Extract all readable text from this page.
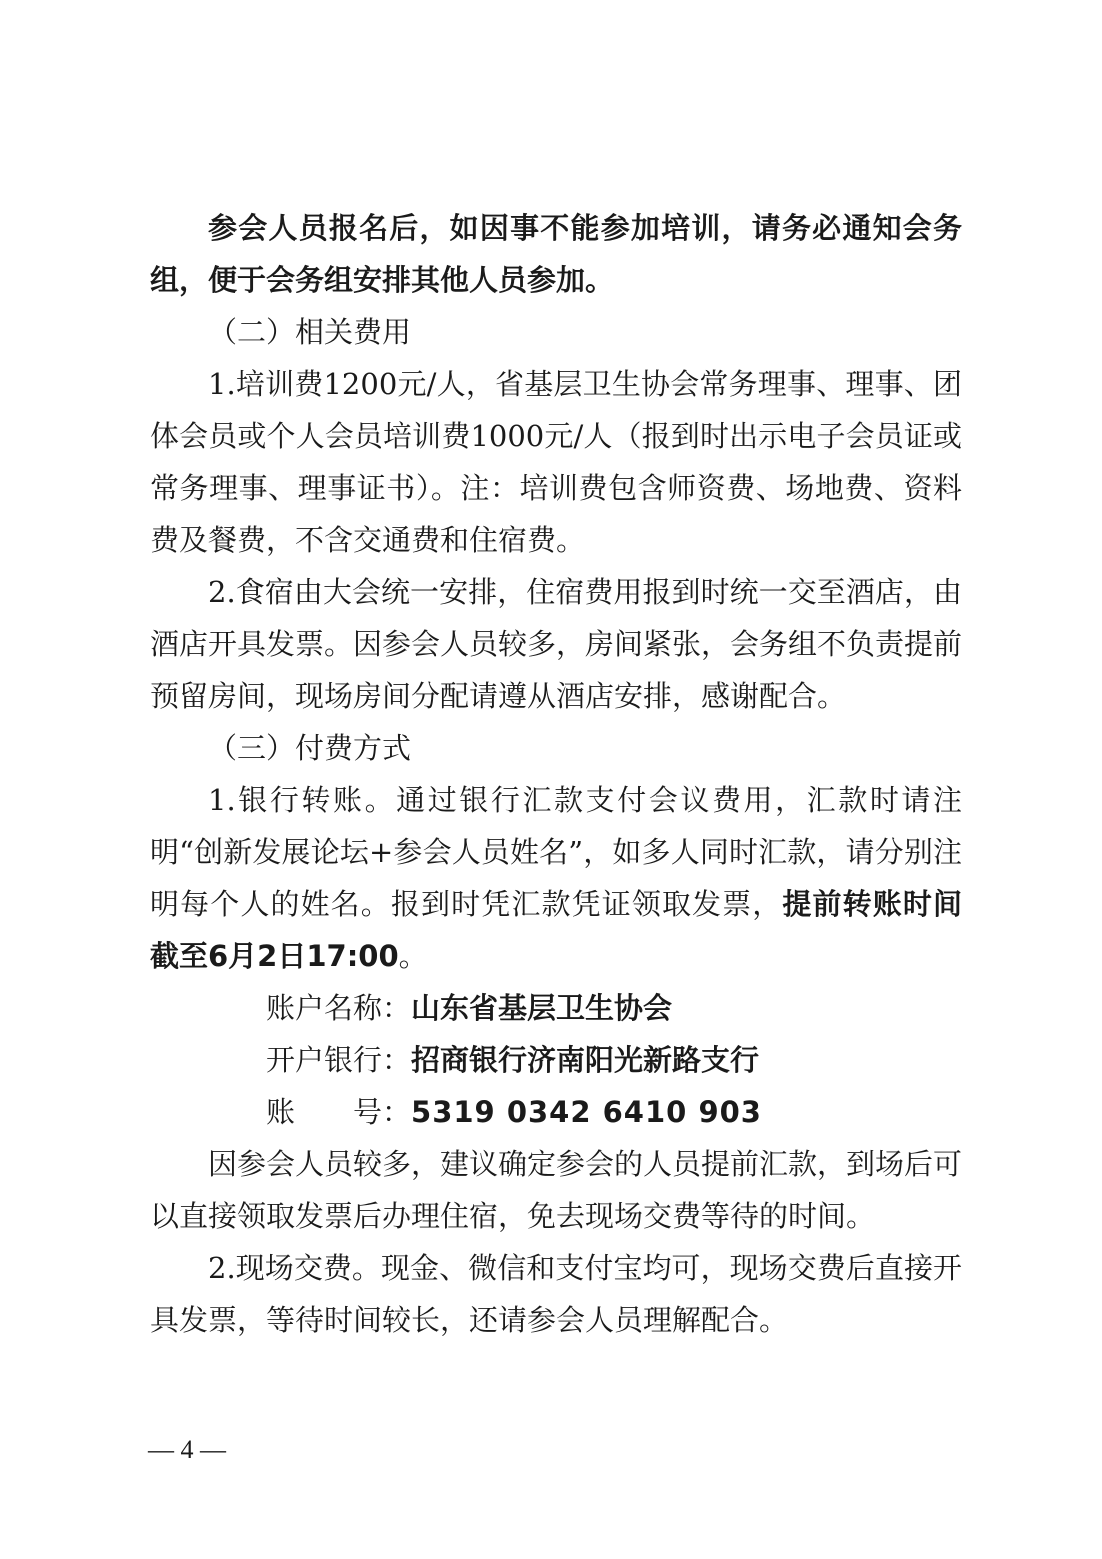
参会人员报名后，如因事不能参加培训，请务必通知会务组，便于会务组安排其他人员参加。

（二）相关费用

1.培训费1200元/人，省基层卫生协会常务理事、理事、团体会员或个人会员培训费1000元/人（报到时出示电子会员证或常务理事、理事证书）。注：培训费包含师资费、场地费、资料费及餐费，不含交通费和住宿费。

2.食宿由大会统一安排，住宿费用报到时统一交至酒店，由酒店开具发票。因参会人员较多，房间紧张，会务组不负责提前预留房间，现场房间分配请遵从酒店安排，感谢配合。

（三）付费方式

1.银行转账。通过银行汇款支付会议费用，汇款时请注明“创新发展论坛+参会人员姓名”，如多人同时汇款，请分别注明每个人的姓名。报到时凭汇款凭证领取发票，提前转账时间截至6月2日17:00。

账户名称：山东省基层卫生协会

开户银行：招商银行济南阳光新路支行

账　　号：5319 0342 6410 903

因参会人员较多，建议确定参会的人员提前汇款，到场后可以直接领取发票后办理住宿，免去现场交费等待的时间。

2.现场交费。现金、微信和支付宝均可，现场交费后直接开具发票，等待时间较长，还请参会人员理解配合。

— 4 —
